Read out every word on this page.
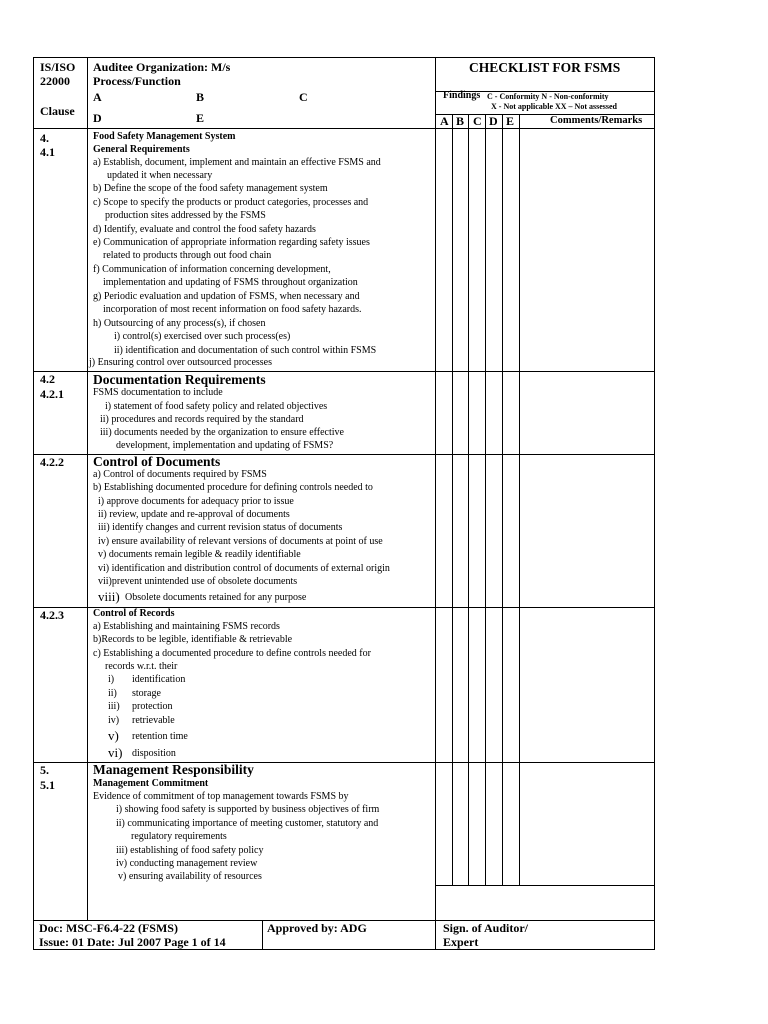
IS/ISO
22000
Clause
Auditee Organization: M/s
Process/Function
A	B	C
D	E
CHECKLIST FOR FSMS
Findings C - Conformity N - Non-conformity
X - Not applicable XX – Not assessed
A B C D E	Comments/Remarks
4.
4.1
Food Safety Management System
General Requirements
a) Establish, document, implement and maintain an effective FSMS and
updated it when necessary
b) Define the scope of the food safety management system
c) Scope to specify the products or product categories, processes and
production sites addressed by the FSMS
d) Identify, evaluate and control the food safety hazards
e) Communication of appropriate information regarding safety issues
related to products through out food chain
f) Communication of information concerning development,
implementation and updating of FSMS throughout organization
g) Periodic evaluation and updation of FSMS, when necessary and
incorporation of most recent information on food safety hazards.
h) Outsourcing of any process(s), if chosen
i) control(s) exercised over such process(es)
ii) identification and documentation of such control within FSMS
j) Ensuring control over outsourced processes
4.2
4.2.1
Documentation Requirements
FSMS documentation to include
i) statement of food safety policy and related objectives
ii) procedures and records required by the standard
iii) documents needed by the organization to ensure effective
development, implementation and updating of FSMS?
4.2.2 Control of Documents
a) Control of documents required by FSMS
b) Establishing documented procedure for defining controls needed to
i) approve documents for adequacy prior to issue
ii) review, update and re-approval of documents
iii) identify changes and current revision status of documents
iv) ensure availability of relevant versions of documents at point of use
v) documents remain legible & readily identifiable
vi) identification and distribution control of documents of external origin
vii)prevent unintended use of obsolete documents
viii) Obsolete documents retained for any purpose
4.2.3	Control of Records
a) Establishing and maintaining FSMS records
b)Records to be legible, identifiable & retrievable
c) Establishing a documented procedure to define controls needed for
records w.r.t. their
i) identification
ii) storage
iii) protection
iv) retrievable
v) retention time
vi) disposition
5.
5.1
Management Responsibility
Management Commitment
Evidence of commitment of top management towards FSMS by
i) showing food safety is supported by business objectives of firm
ii) communicating importance of meeting customer, statutory and
regulatory requirements
iii) establishing of food safety policy
iv) conducting management review
v) ensuring availability of resources
Doc: MSC-F6.4-22 (FSMS)
Issue: 01 Date: Jul 2007 Page 1 of 14
Approved by: ADG	Sign. of Auditor/
Expert
